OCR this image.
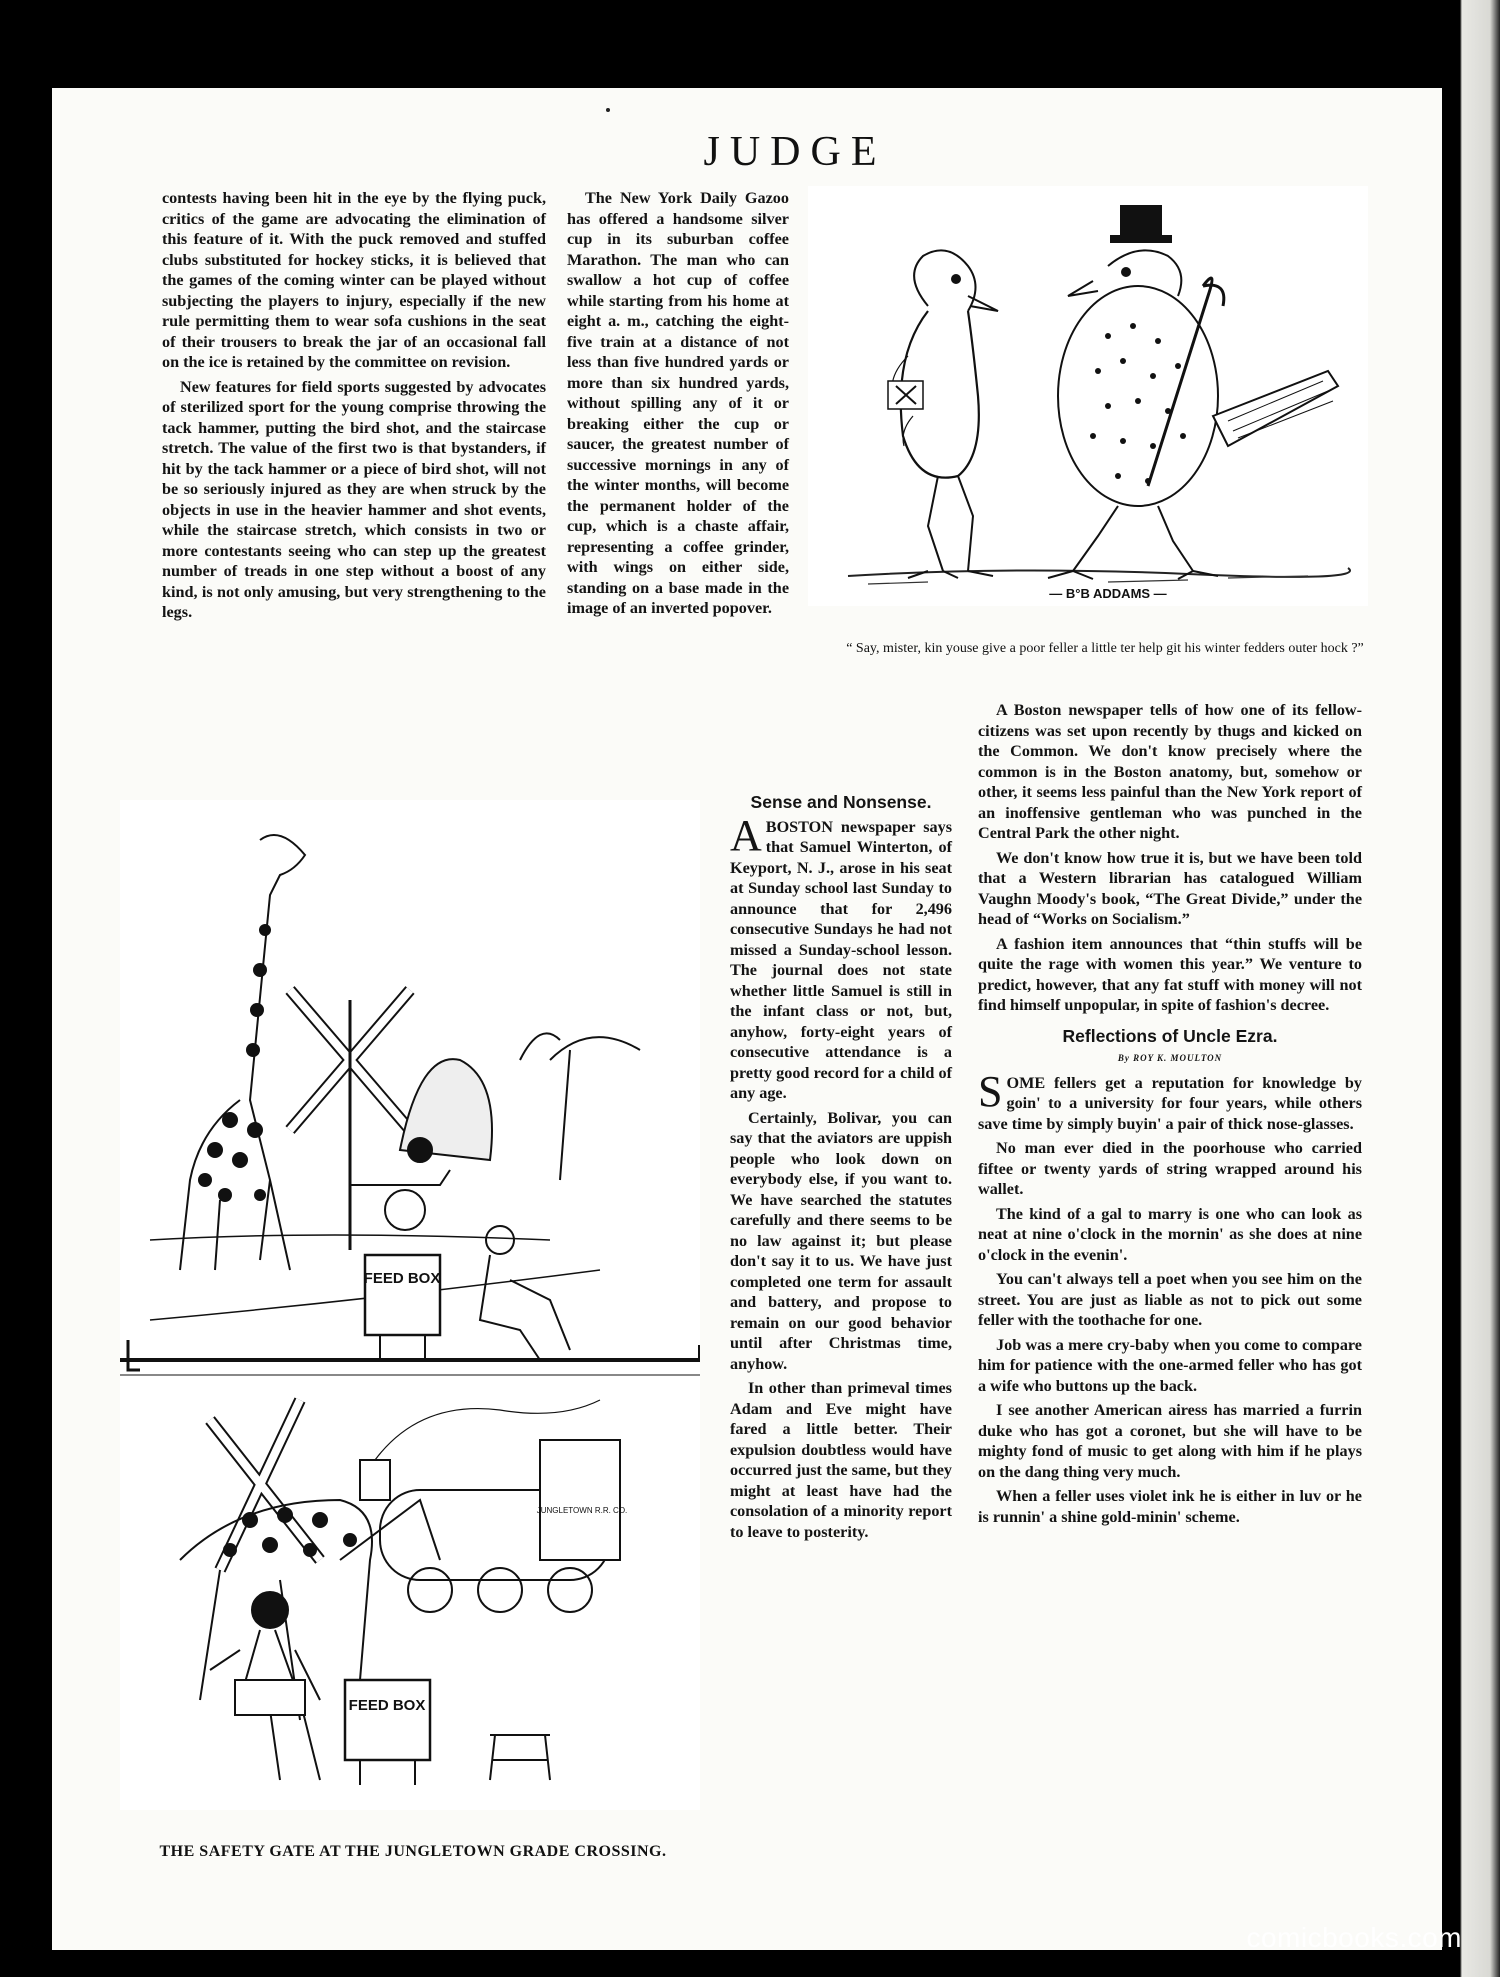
JUDGE

contests having been hit in the eye by the flying puck, critics of the game are advocating the elimination of this feature of it. With the puck removed and stuffed clubs substituted for hockey sticks, it is believed that the games of the coming winter can be played without subjecting the players to injury, especially if the new rule permitting them to wear sofa cushions in the seat of their trousers to break the jar of an occasional fall on the ice is retained by the committee on revision.

New features for field sports suggested by advocates of sterilized sport for the young comprise throwing the tack hammer, putting the bird shot, and the staircase stretch. The value of the first two is that bystanders, if hit by the tack hammer or a piece of bird shot, will not be so seriously injured as they are when struck by the objects in use in the heavier hammer and shot events, while the staircase stretch, which consists in two or more contestants seeing who can step up the greatest number of treads in one step without a boost of any kind, is not only amusing, but very strengthening to the legs.

The New York Daily Gazoo has offered a handsome silver cup in its suburban coffee Marathon. The man who can swallow a hot cup of coffee while starting from his home at eight a. m., catching the eight-five train at a distance of not less than five hundred yards or more than six hundred yards, without spilling any of it or breaking either the cup or saucer, the greatest number of successive mornings in any of the winter months, will become the permanent holder of the cup, which is a chaste affair, representing a coffee grinder, with wings on either side, standing on a base made in the image of an inverted popover.

— B°B ADDAMS —
“ Say, mister, kin youse give a poor feller a little ter help git his winter fedders outer hock ?”

A Boston newspaper tells of how one of its fellow-citizens was set upon recently by thugs and kicked on the Common. We don't know precisely where the common is in the Boston anatomy, but, somehow or other, it seems less painful than the New York report of an inoffensive gentleman who was punched in the Central Park the other night.

We don't know how true it is, but we have been told that a Western librarian has catalogued William Vaughn Moody's book, “The Great Divide,” under the head of “Works on Socialism.”

A fashion item announces that “thin stuffs will be quite the rage with women this year.” We venture to predict, however, that any fat stuff with money will not find himself unpopular, in spite of fashion's decree.

Reflections of Uncle Ezra.
By ROY K. MOULTON

SOME fellers get a reputation for knowledge by goin' to a university for four years, while others save time by simply buyin' a pair of thick nose-glasses.

No man ever died in the poorhouse who carried fiftee or twenty yards of string wrapped around his wallet.

The kind of a gal to marry is one who can look as neat at nine o'clock in the mornin' as she does at nine o'clock in the evenin'.

You can't always tell a poet when you see him on the street. You are just as liable as not to pick out some feller with the toothache for one.

Job was a mere cry-baby when you come to compare him for patience with the one-armed feller who has got a wife who buttons up the back.

I see another American airess has married a furrin duke who has got a coronet, but she will have to be mighty fond of music to get along with him if he plays on the dang thing very much.

When a feller uses violet ink he is either in luv or he is runnin' a shine gold-minin' scheme.

Sense and Nonsense.

ABOSTON newspaper says that Samuel Winterton, of Keyport, N. J., arose in his seat at Sunday school last Sunday to announce that for 2,496 consecutive Sundays he had not missed a Sunday-school lesson. The journal does not state whether little Samuel is still in the infant class or not, but, anyhow, forty-eight years of consecutive attendance is a pretty good record for a child of any age.

Certainly, Bolivar, you can say that the aviators are uppish people who look down on everybody else, if you want to. We have searched the statutes carefully and there seems to be no law against it; but please don't say it to us. We have just completed one term for assault and battery, and propose to remain on our good behavior until after Christmas time, anyhow.

In other than primeval times Adam and Eve might have fared a little better. Their expulsion doubtless would have occurred just the same, but they might at least have had the consolation of a minority report to leave to posterity.

FEED BOX
FEED BOX
JUNGLETOWN R.R. CO.
THE SAFETY GATE AT THE JUNGLETOWN GRADE CROSSING.
comicbooks.com
